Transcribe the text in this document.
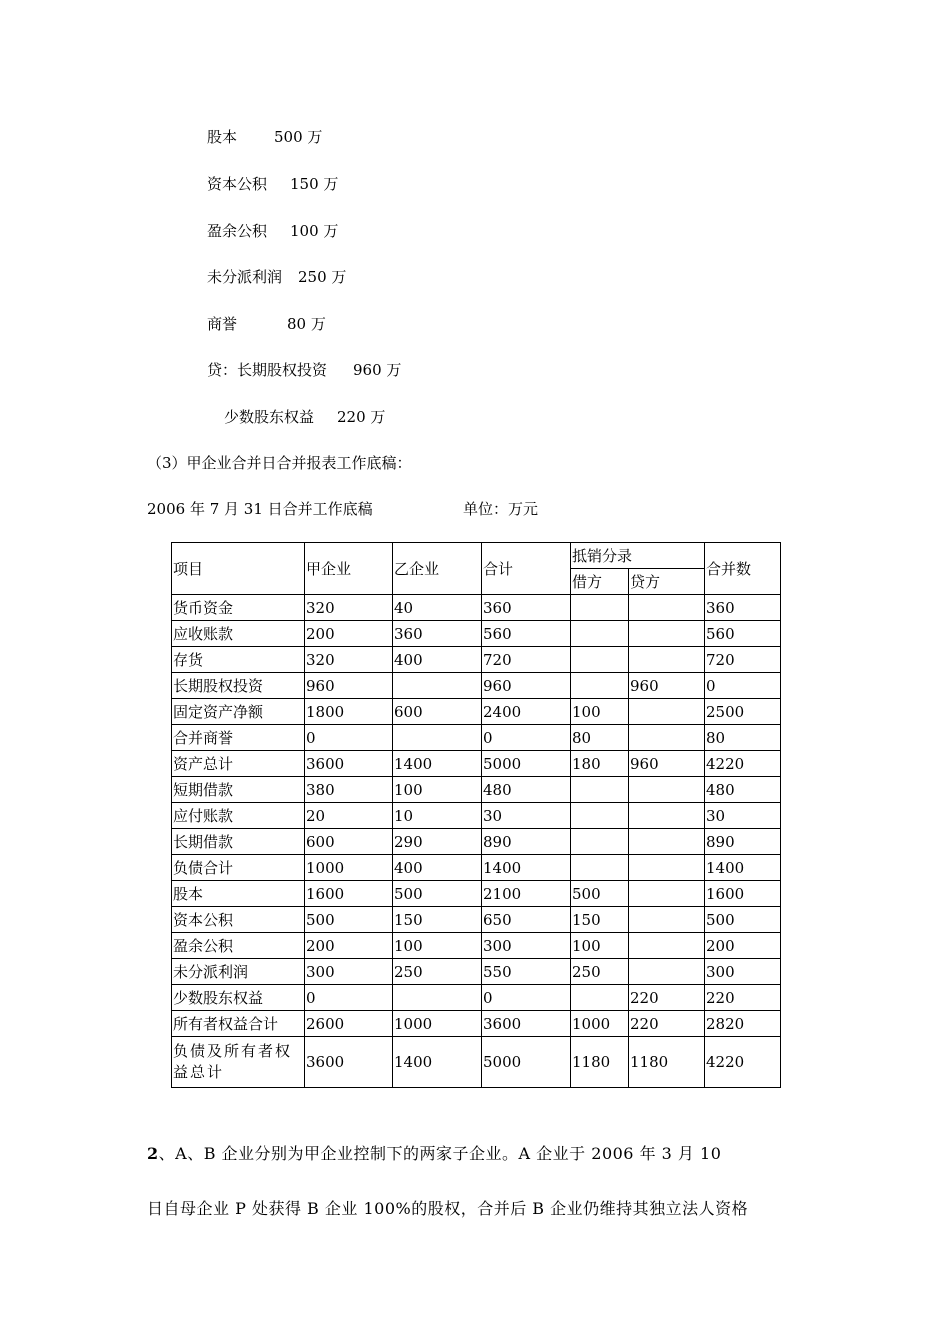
股本 500 万
资本公积 150 万
盈余公积 100 万
未分派利润 250 万
商誉	80 万
贷：长期股权投资 960 万
少数股东权益 220 万
（3）甲企业合并日合并报表工作底稿：
2006 年 7 月 31 日合并工作底稿	单位：万元
项目	甲企业	乙企业	合计	抵销分录		合并数
				借方	贷方	
货币资金	320	40	360			360
应收账款	200	360	560			560
存货	320	400	720			720
长期股权投资	960		960		960	0
固定资产净额	1800	600	2400	100		2500
合并商誉	0		0	80		80
资产总计	3600	1400	5000	180	960	4220
短期借款	380	100	480			480
应付账款	20	10	30			30
长期借款	600	290	890			890
负债合计	1000	400	1400			1400
股本	1600	500	2100	500		1600
资本公积	500	150	650	150		500
盈余公积	200	100	300	100		200
未分派利润	300	250	550	250		300
少数股东权益	0		0		220	220
所有者权益合计	2600	1000	3600	1000	220	2820
负债及所有者权益总计	3600	1400	5000	1180	1180	4220
2、A、B 企业分别为甲企业控制下的两家子企业。A 企业于 2006 年 3 月 10
日自母企业 P 处获得 B 企业 100%的股权，合并后 B 企业仍维持其独立法人资格
